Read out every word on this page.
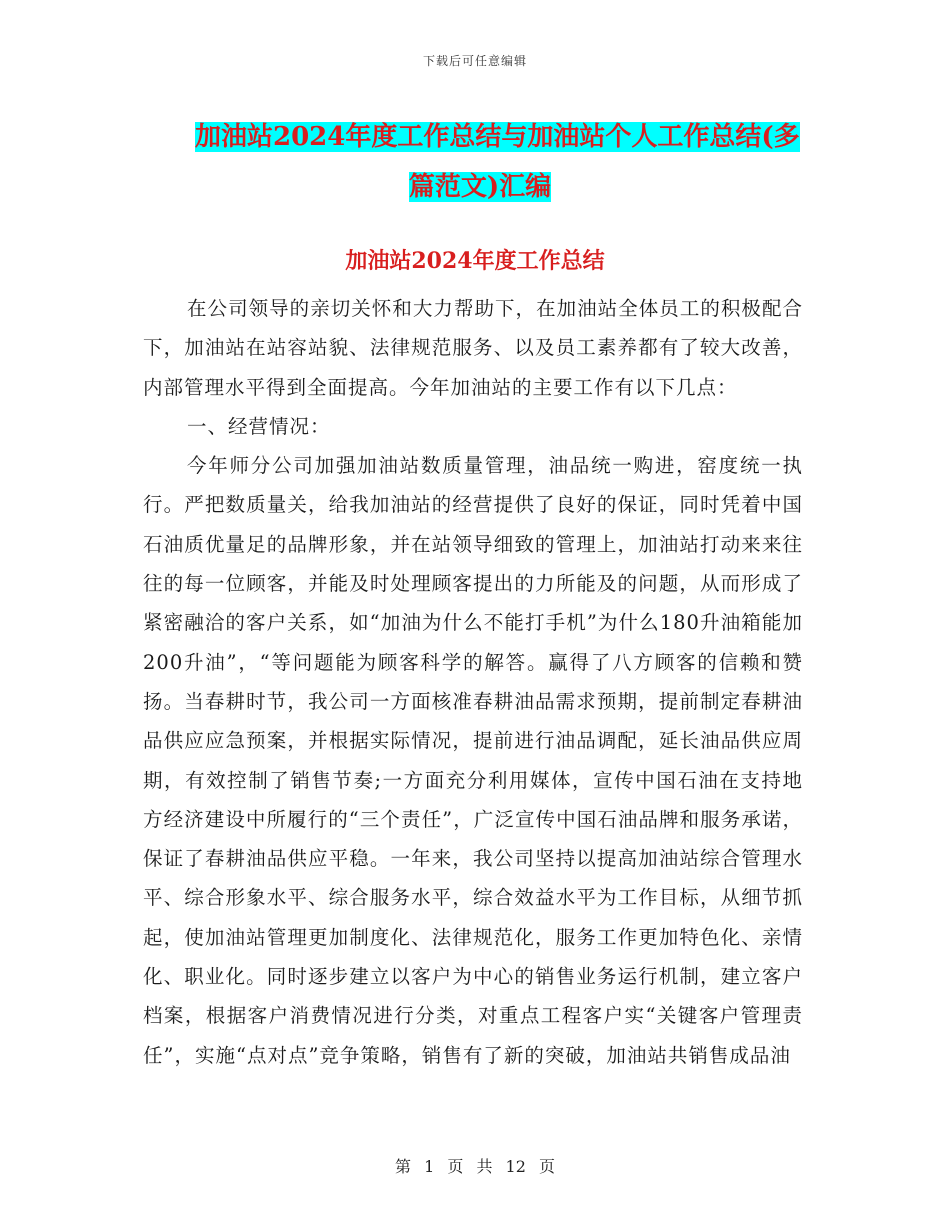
下载后可任意编辑
加油站2024年度工作总结与加油站个人工作总结(多
篇范文)汇编
加油站2024年度工作总结

在公司领导的亲切关怀和大力帮助下，在加油站全体员工的积极配合下，加油站在站容站貌、法律规范服务、以及员工素养都有了较大改善，内部管理水平得到全面提高。今年加油站的主要工作有以下几点：

一、经营情况：

今年师分公司加强加油站数质量管理，油品统一购进，窑度统一执行。严把数质量关，给我加油站的经营提供了良好的保证，同时凭着中国石油质优量足的品牌形象，并在站领导细致的管理上，加油站打动来来往往的每一位顾客，并能及时处理顾客提出的力所能及的问题，从而形成了紧密融洽的客户关系，如“加油为什么不能打手机”为什么180升油箱能加200升油”，“等问题能为顾客科学的解答。赢得了八方顾客的信赖和赞扬。当春耕时节，我公司一方面核准春耕油品需求预期，提前制定春耕油品供应应急预案，并根据实际情况，提前进行油品调配，延长油品供应周期，有效控制了销售节奏;一方面充分利用媒体，宣传中国石油在支持地方经济建设中所履行的“三个责任”，广泛宣传中国石油品牌和服务承诺，保证了春耕油品供应平稳。一年来，我公司坚持以提高加油站综合管理水平、综合形象水平、综合服务水平，综合效益水平为工作目标，从细节抓起，使加油站管理更加制度化、法律规范化，服务工作更加特色化、亲情化、职业化。同时逐步建立以客户为中心的销售业务运行机制，建立客户档案，根据客户消费情况进行分类，对重点工程客户实“关键客户管理责任”，实施“点对点”竞争策略，销售有了新的突破，加油站共销售成品油

第 1 页 共 12 页
